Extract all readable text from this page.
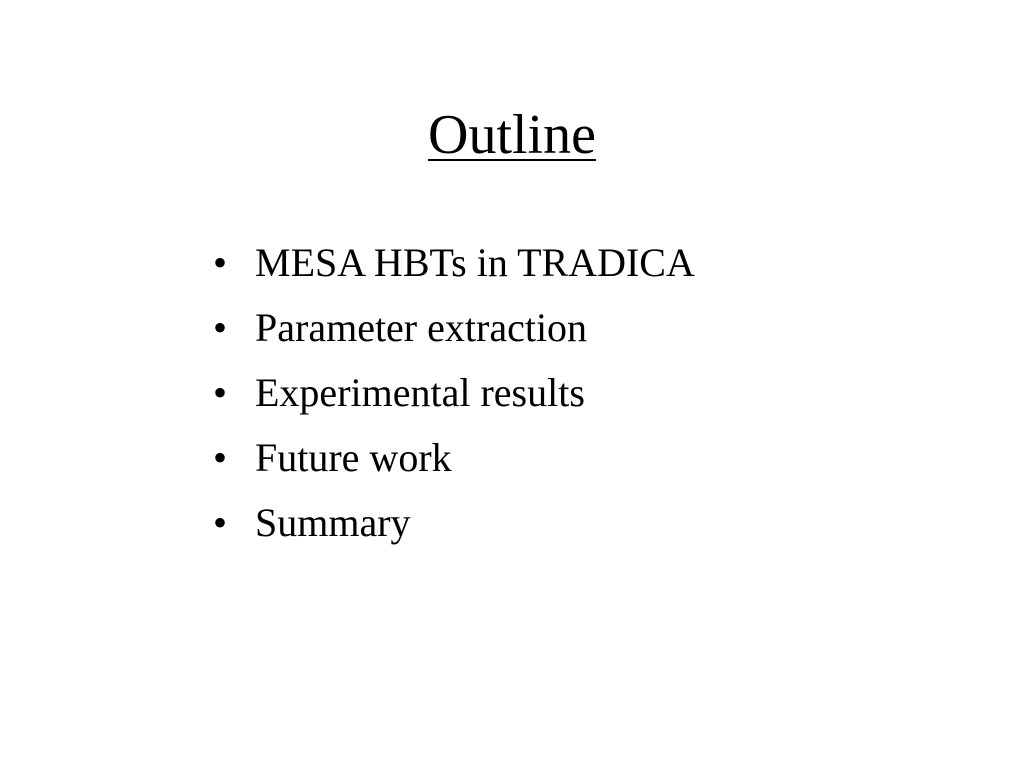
Outline
• MESA HBTs in TRADICA
• Parameter extraction
• Experimental results
• Future work
• Summary
